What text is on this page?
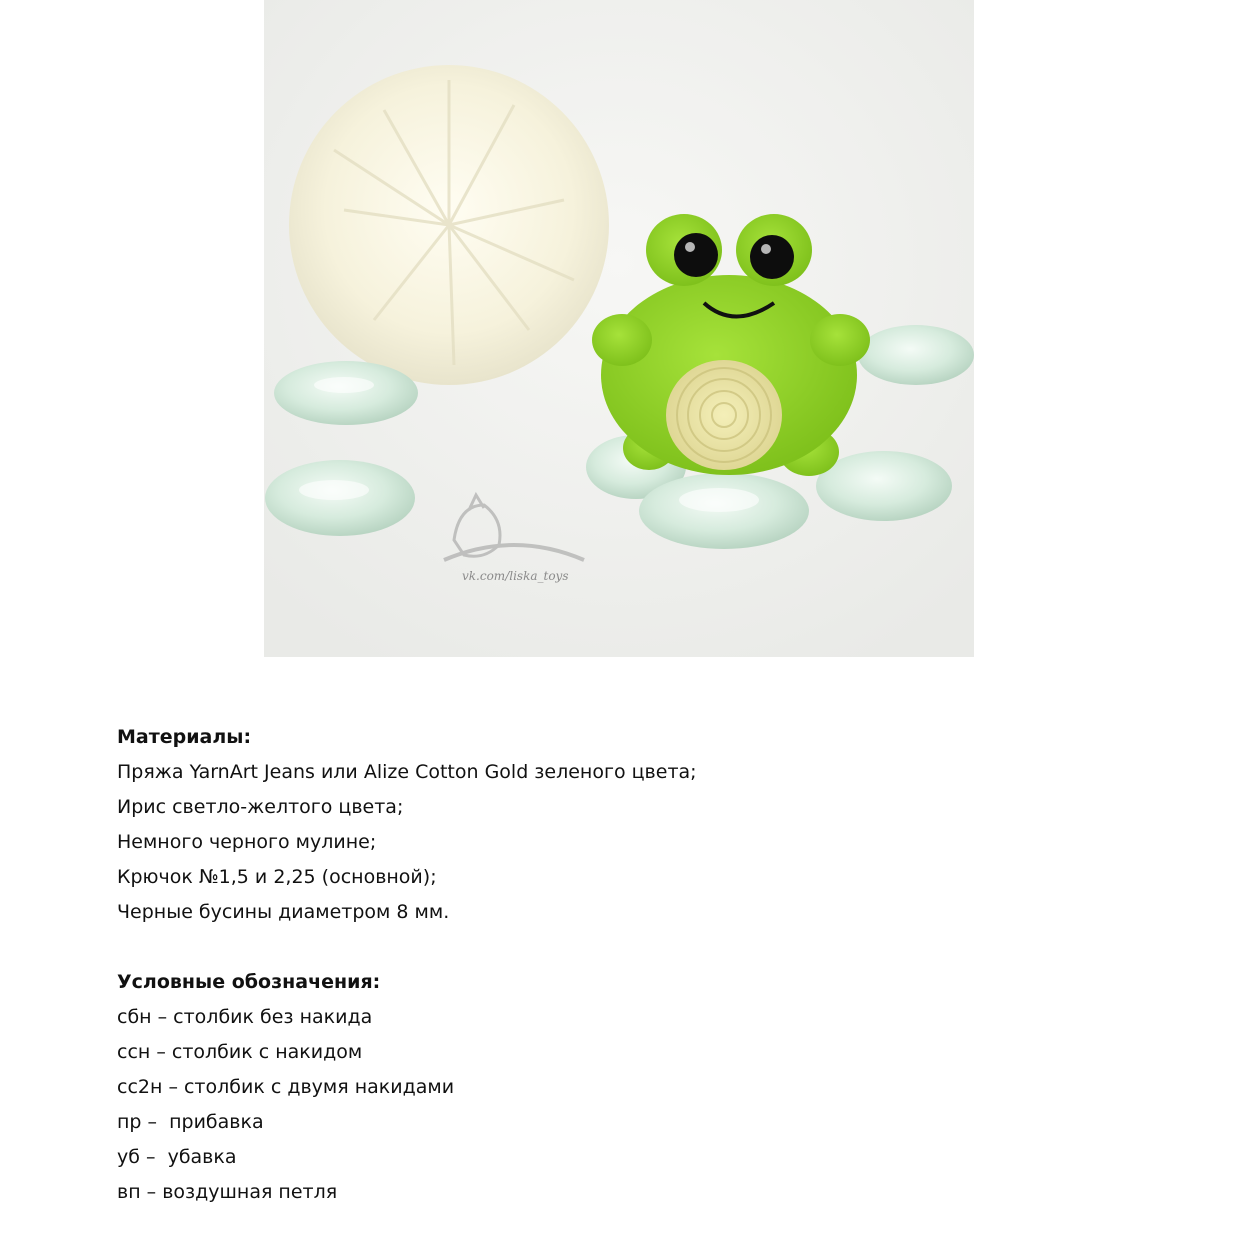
vk.com/liska_toys
Материалы:
Пряжа YarnArt Jeans или Alize Cotton Gold зеленого цвета;
Ирис светло-желтого цвета;
Немного черного мулине;
Крючок №1,5 и 2,25 (основной);
Черные бусины диаметром 8 мм.
Условные обозначения:
сбн – столбик без накида
ссн – столбик с накидом
сс2н – столбик с двумя накидами
пр –  прибавка
уб –  убавка
вп – воздушная петля
